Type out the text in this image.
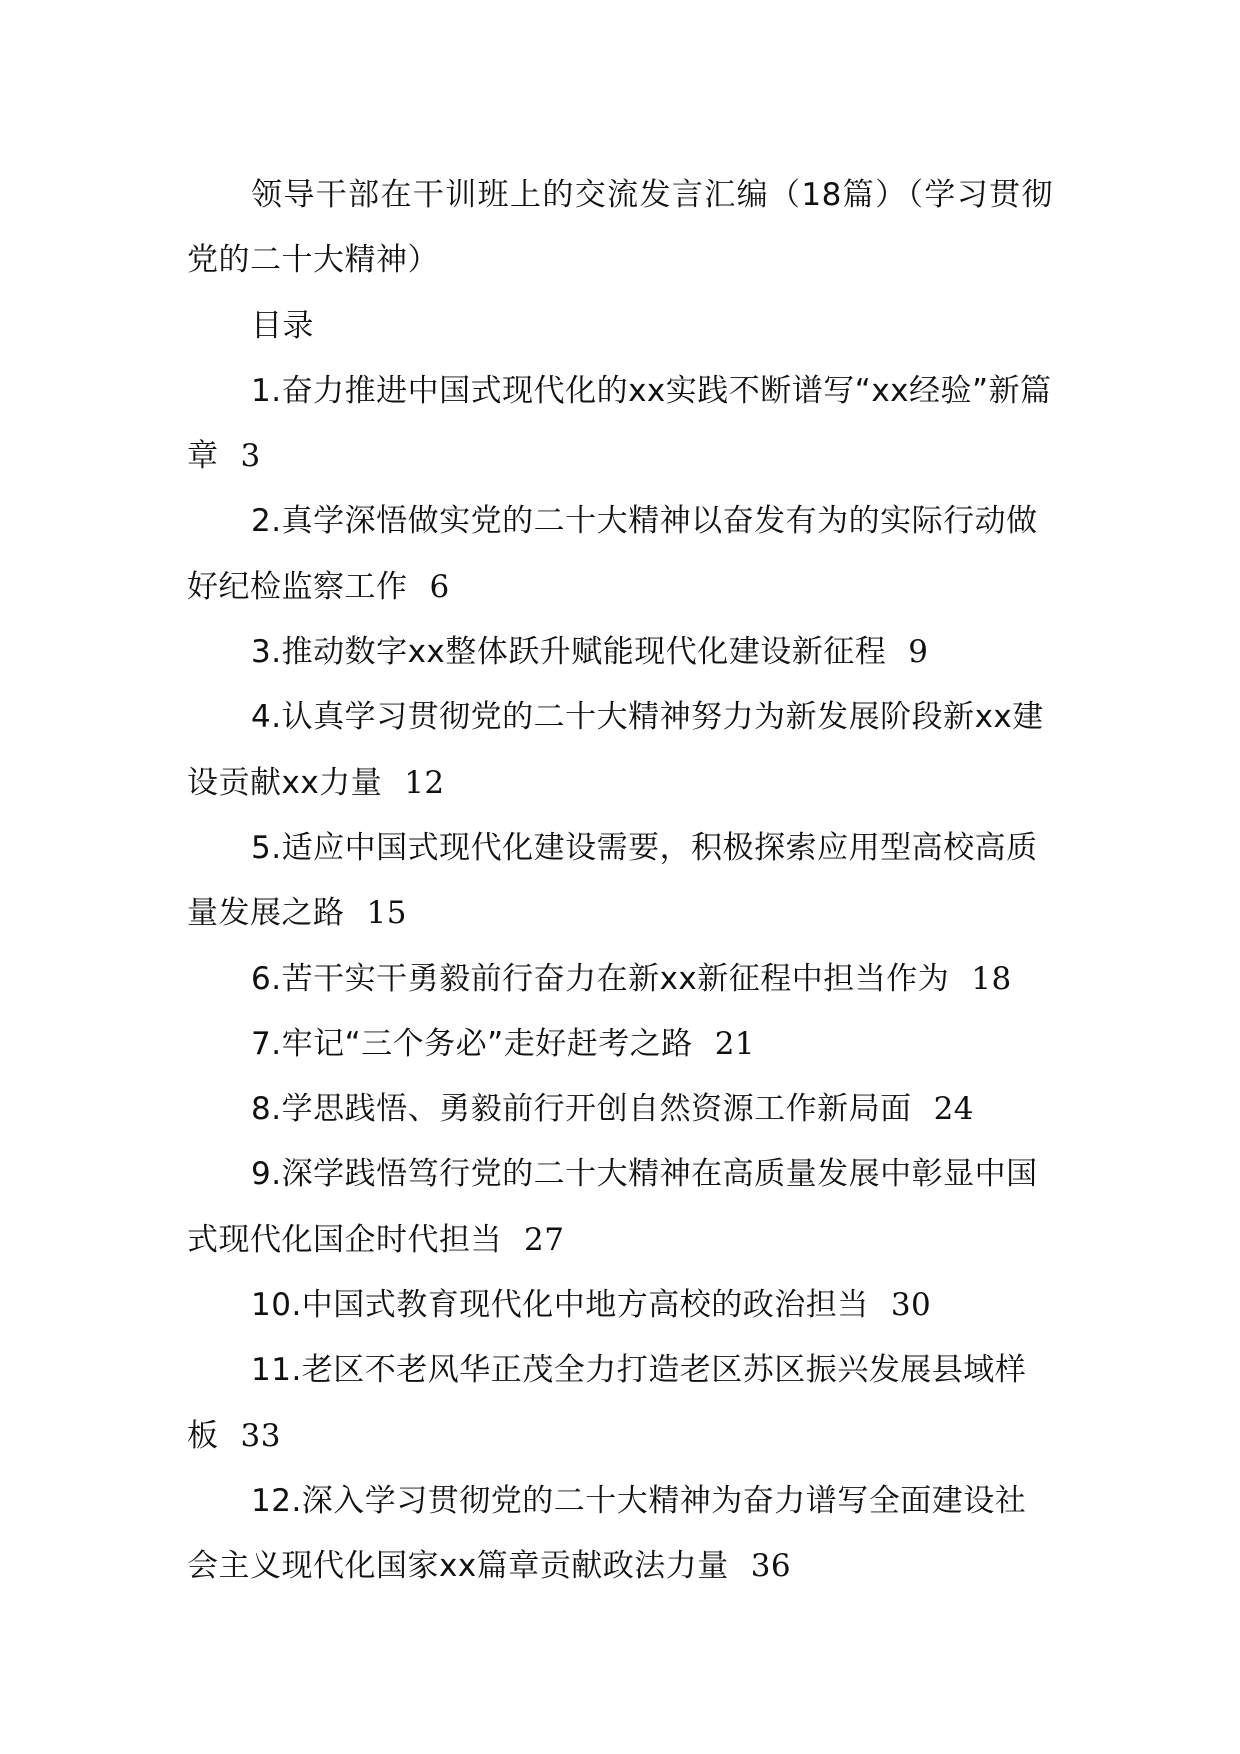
领导干部在干训班上的交流发言汇编（18篇）（学习贯彻党的二十大精神）

目录

1.奋力推进中国式现代化的xx实践不断谱写“xx经验”新篇章 3

2.真学深悟做实党的二十大精神以奋发有为的实际行动做好纪检监察工作 6

3.推动数字xx整体跃升赋能现代化建设新征程 9

4.认真学习贯彻党的二十大精神努力为新发展阶段新xx建设贡献xx力量 12

5.适应中国式现代化建设需要，积极探索应用型高校高质量发展之路 15

6.苦干实干勇毅前行奋力在新xx新征程中担当作为 18

7.牢记“三个务必”走好赶考之路 21

8.学思践悟、勇毅前行开创自然资源工作新局面 24

9.深学践悟笃行党的二十大精神在高质量发展中彰显中国式现代化国企时代担当 27

10.中国式教育现代化中地方高校的政治担当 30

11.老区不老风华正茂全力打造老区苏区振兴发展县域样板 33

12.深入学习贯彻党的二十大精神为奋力谱写全面建设社会主义现代化国家xx篇章贡献政法力量 36
